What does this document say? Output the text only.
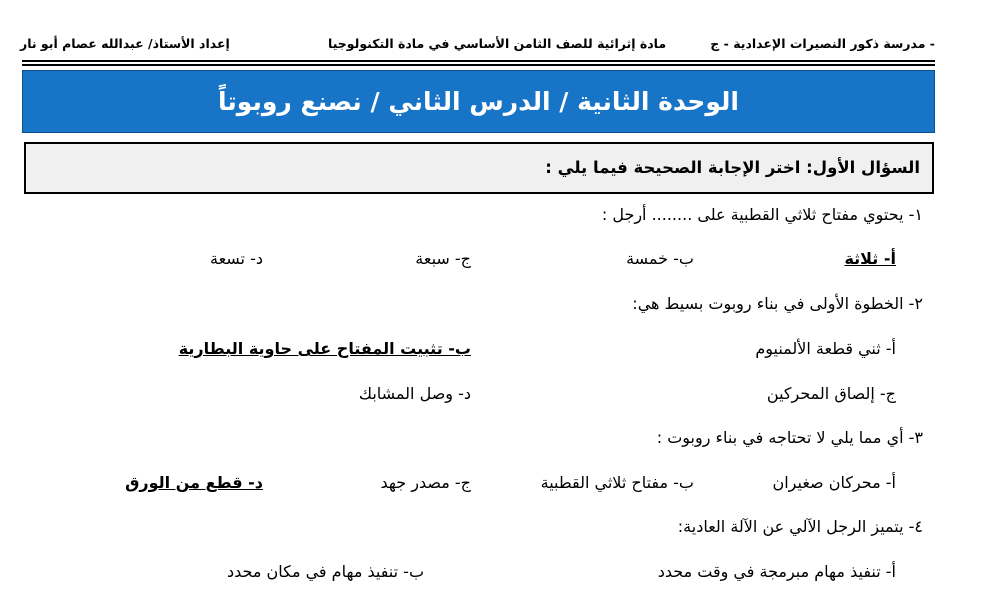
مدرسة ذكور النصيرات الإعدادية - ج -
مادة إثرائية للصف الثامن الأساسي في مادة التكنولوجيا
إعداد الأستاذ/ عبدالله عصام أبو نار
الوحدة الثانية / الدرس الثاني / نصنع روبوتاً
السؤال الأول: اختر الإجابة الصحيحة فيما يلي :
١- يحتوي مفتاح ثلاثي القطبية على ........ أرجل :
أ- ثلاثة
ب- خمسة
ج- سبعة
د- تسعة
٢- الخطوة الأولى في بناء روبوت بسيط هي:
أ- ثني قطعة الألمنيوم
ب- تثبيت المفتاح على حاوية البطارية
ج- إلصاق المحركين
د- وصل المشابك
٣- أي مما يلي لا تحتاجه في بناء روبوت :
أ- محركان صغيران
ب- مفتاح ثلاثي القطبية
ج- مصدر جهد
د- قطع من الورق
٤- يتميز الرجل الآلي عن الآلة العادية:
أ- تنفيذ مهام مبرمجة في وقت محدد
ب- تنفيذ مهام في مكان محدد
